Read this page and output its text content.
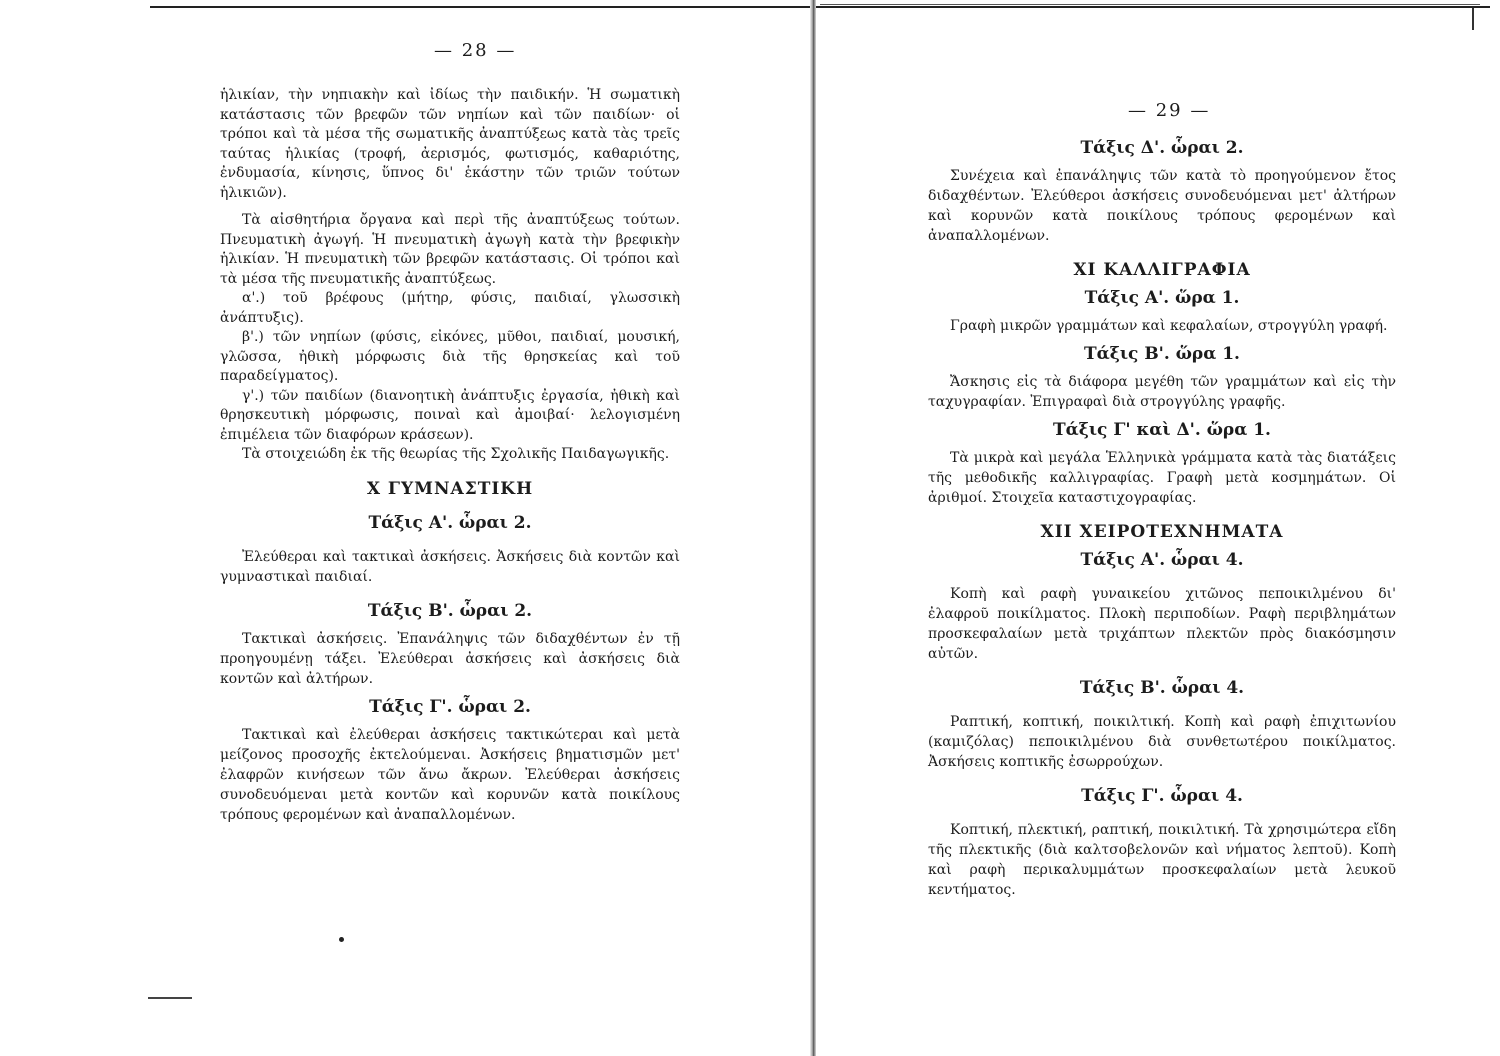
— 28 —

ἡλικίαν, τὴν νηπιακὴν καὶ ἰδίως τὴν παιδικήν. Ἡ σωματικὴ κατάστασις τῶν βρεφῶν τῶν νηπίων καὶ τῶν παιδίων· οἱ τρόποι καὶ τὰ μέσα τῆς σωματικῆς ἀναπτύξεως κατὰ τὰς τρεῖς ταύτας ἡλικίας (τροφή, ἀερισμός, φωτισμός, καθαριότης, ἐνδυμασία, κίνησις, ὕπνος δι' ἑκάστην τῶν τριῶν τούτων ἡλικιῶν).

Τὰ αἰσθητήρια ὄργανα καὶ περὶ τῆς ἀναπτύξεως τούτων. Πνευματικὴ ἀγωγή. Ἡ πνευματικὴ ἀγωγὴ κατὰ τὴν βρεφικὴν ἡλικίαν. Ἡ πνευματικὴ τῶν βρεφῶν κατάστασις. Οἱ τρόποι καὶ τὰ μέσα τῆς πνευματικῆς ἀναπτύξεως.

α'.) τοῦ βρέφους (μήτηρ, φύσις, παιδιαί, γλωσσικὴ ἀνάπτυξις).

β'.) τῶν νηπίων (φύσις, εἰκόνες, μῦθοι, παιδιαί, μουσική, γλῶσσα, ἠθικὴ μόρφωσις διὰ τῆς θρησκείας καὶ τοῦ παραδείγματος).

γ'.) τῶν παιδίων (διανοητικὴ ἀνάπτυξις ἐργασία, ἠθικὴ καὶ θρησκευτικὴ μόρφωσις, ποιναὶ καὶ ἀμοιβαί· λελογισμένη ἐπιμέλεια τῶν διαφόρων κράσεων).

Τὰ στοιχειώδη ἐκ τῆς θεωρίας τῆς Σχολικῆς Παιδαγωγικῆς.

Χ ΓΥΜΝΑΣΤΙΚΗ
Τάξις Α'. ὧραι 2.

Ἐλεύθεραι καὶ τακτικαὶ ἀσκήσεις. Ἀσκήσεις διὰ κοντῶν καὶ γυμναστικαὶ παιδιαί.

Τάξις Β'. ὧραι 2.

Τακτικαὶ ἀσκήσεις. Ἐπανάληψις τῶν διδαχθέντων ἐν τῇ προηγουμένῃ τάξει. Ἐλεύθεραι ἀσκήσεις καὶ ἀσκήσεις διὰ κοντῶν καὶ ἀλτήρων.

Τάξις Γ'. ὧραι 2.

Τακτικαὶ καὶ ἐλεύθεραι ἀσκήσεις τακτικώτεραι καὶ μετὰ μείζονος προσοχῆς ἐκτελούμεναι. Ἀσκήσεις βηματισμῶν μετ' ἐλαφρῶν κινήσεων τῶν ἄνω ἄκρων. Ἐλεύθεραι ἀσκήσεις συνοδευόμεναι μετὰ κοντῶν καὶ κορυνῶν κατὰ ποικίλους τρόπους φερομένων καὶ ἀναπαλλομένων.

— 29 —
Τάξις Δ'. ὧραι 2.

Συνέχεια καὶ ἐπανάληψις τῶν κατὰ τὸ προηγούμενον ἔτος διδαχθέντων. Ἐλεύθεροι ἀσκήσεις συνοδευόμεναι μετ' ἀλτήρων καὶ κορυνῶν κατὰ ποικίλους τρόπους φερομένων καὶ ἀναπαλλομένων.

ΧΙ ΚΑΛΛΙΓΡΑΦΙΑ
Τάξις Α'. ὥρα 1.

Γραφὴ μικρῶν γραμμάτων καὶ κεφαλαίων, στρογγύλη γραφή.

Τάξις Β'. ὥρα 1.

Ἄσκησις εἰς τὰ διάφορα μεγέθη τῶν γραμμάτων καὶ εἰς τὴν ταχυγραφίαν. Ἐπιγραφαὶ διὰ στρογγύλης γραφῆς.

Τάξις Γ' καὶ Δ'. ὥρα 1.

Τὰ μικρὰ καὶ μεγάλα Ἑλληνικὰ γράμματα κατὰ τὰς διατάξεις τῆς μεθοδικῆς καλλιγραφίας. Γραφὴ μετὰ κοσμημάτων. Οἱ ἀριθμοί. Στοιχεῖα καταστιχογραφίας.

ΧΙΙ ΧΕΙΡΟΤΕΧΝΗΜΑΤΑ
Τάξις Α'. ὧραι 4.

Κοπὴ καὶ ραφὴ γυναικείου χιτῶνος πεποικιλμένου δι' ἐλαφροῦ ποικίλματος. Πλοκὴ περιποδίων. Ραφὴ περιβλημάτων προσκεφαλαίων μετὰ τριχάπτων πλεκτῶν πρὸς διακόσμησιν αὐτῶν.

Τάξις Β'. ὧραι 4.

Ραπτική, κοπτική, ποικιλτική. Κοπὴ καὶ ραφὴ ἐπιχιτωνίου (καμιζόλας) πεποικιλμένου διὰ συνθετωτέρου ποικίλματος. Ἀσκήσεις κοπτικῆς ἐσωρρούχων.

Τάξις Γ'. ὧραι 4.

Κοπτική, πλεκτική, ραπτική, ποικιλτική. Τὰ χρησιμώτερα εἴδη τῆς πλεκτικῆς (διὰ καλτσοβελονῶν καὶ νήματος λεπτοῦ). Κοπὴ καὶ ραφὴ περικαλυμμάτων προσκεφαλαίων μετὰ λευκοῦ κεντήματος.
